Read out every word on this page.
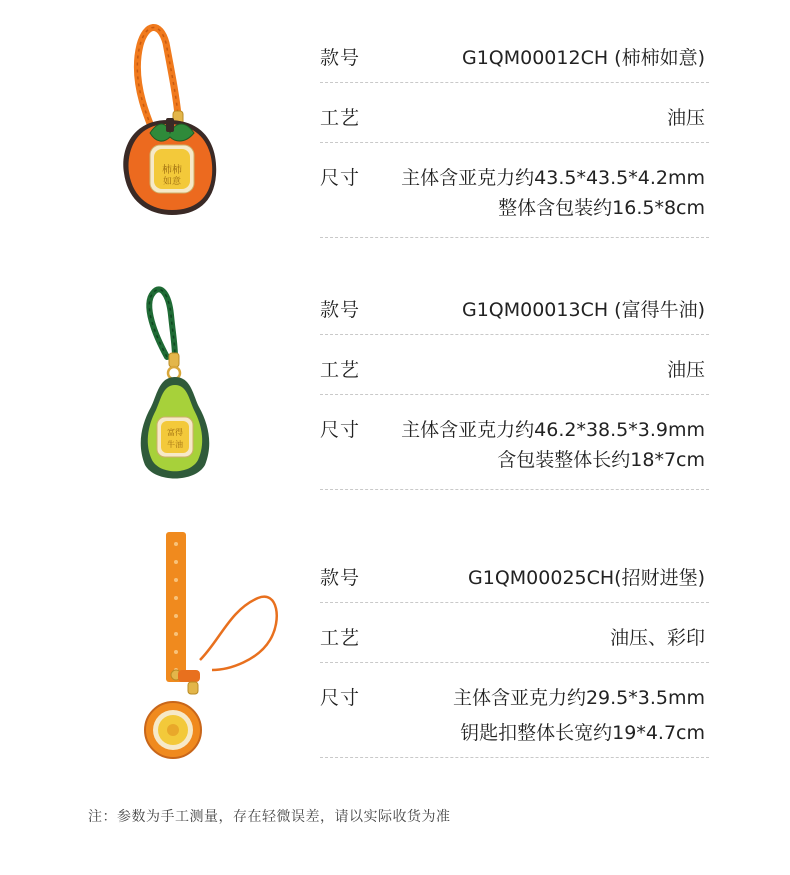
柿柿
如意
款号	G1QM00012CH (柿柿如意)
工艺	油压
尺寸 主体含亚克力约43.5*43.5*4.2mm
整体含包装约16.5*8cm
富得
牛油
款号	G1QM00013CH (富得牛油)
工艺	油压
尺寸 主体含亚克力约46.2*38.5*3.9mm
含包装整体长约18*7cm
款号	G1QM00025CH(招财进堡)
工艺	油压、彩印
尺寸	主体含亚克力约29.5*3.5mm
钥匙扣整体长宽约19*4.7cm
注：参数为手工测量，存在轻微误差，请以实际收货为准
